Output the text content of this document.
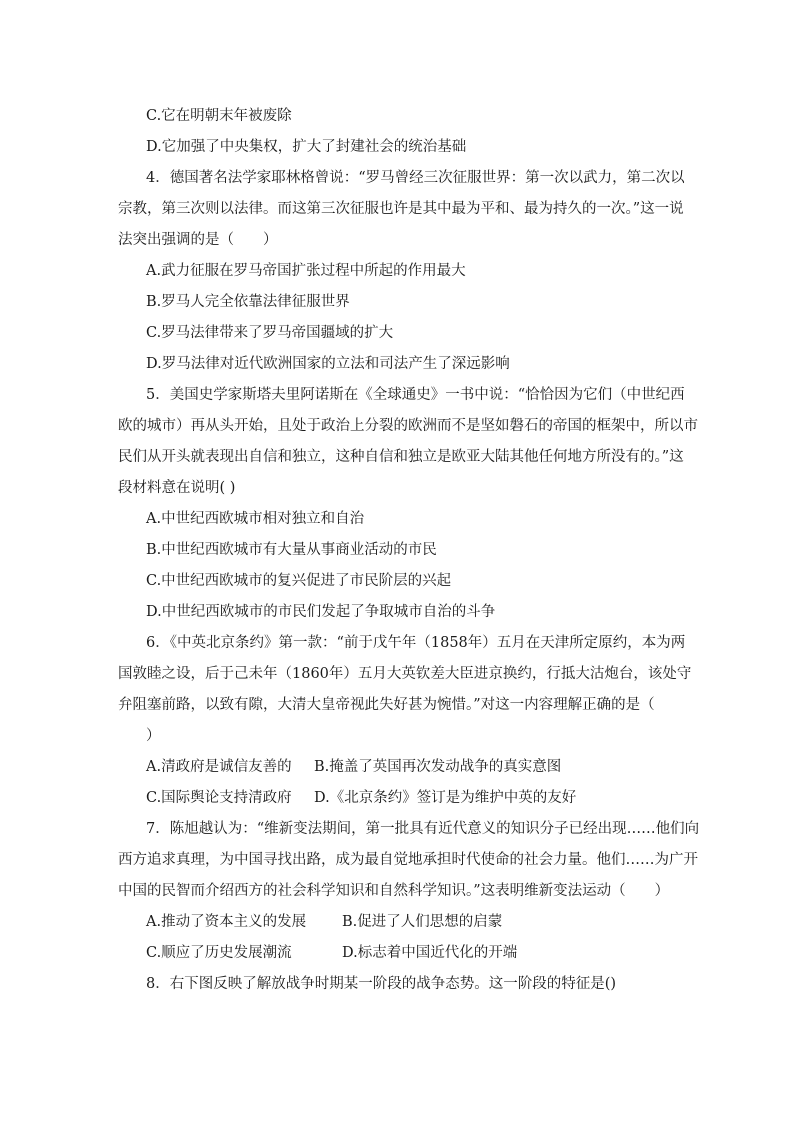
C.它在明朝末年被废除
D.它加强了中央集权，扩大了封建社会的统治基础
4．德国著名法学家耶林格曾说：“罗马曾经三次征服世界：第一次以武力，第二次以
宗教，第三次则以法律。而这第三次征服也许是其中最为平和、最为持久的一次。”这一说
法突出强调的是（　　）
A.武力征服在罗马帝国扩张过程中所起的作用最大
B.罗马人完全依靠法律征服世界
C.罗马法律带来了罗马帝国疆域的扩大
D.罗马法律对近代欧洲国家的立法和司法产生了深远影响
5．美国史学家斯塔夫里阿诺斯在《全球通史》一书中说：“恰恰因为它们（中世纪西
欧的城市）再从头开始，且处于政治上分裂的欧洲而不是坚如磐石的帝国的框架中，所以市
民们从开头就表现出自信和独立，这种自信和独立是欧亚大陆其他任何地方所没有的。”这
段材料意在说明( )
A.中世纪西欧城市相对独立和自治
B.中世纪西欧城市有大量从事商业活动的市民
C.中世纪西欧城市的复兴促进了市民阶层的兴起
D.中世纪西欧城市的市民们发起了争取城市自治的斗争
6．《中英北京条约》第一款：“前于戊午年（1858年）五月在天津所定原约，本为两
国敦睦之设，后于己未年（1860年）五月大英钦差大臣进京换约，行抵大沽炮台，该处守
弁阻塞前路，以致有隙，大清大皇帝视此失好甚为惋惜。”对这一内容理解正确的是（
）
A.清政府是诚信友善的	B.掩盖了英国再次发动战争的真实意图
C.国际舆论支持清政府	D.《北京条约》签订是为维护中英的友好
7．陈旭越认为：“维新变法期间，第一批具有近代意义的知识分子已经出现……他们向
西方追求真理，为中国寻找出路，成为最自觉地承担时代使命的社会力量。他们……为广开
中国的民智而介绍西方的社会科学知识和自然科学知识。”这表明维新变法运动（　　）
A.推动了资本主义的发展	B.促进了人们思想的启蒙
C.顺应了历史发展潮流	D.标志着中国近代化的开端
8．右下图反映了解放战争时期某一阶段的战争态势。这一阶段的特征是()
